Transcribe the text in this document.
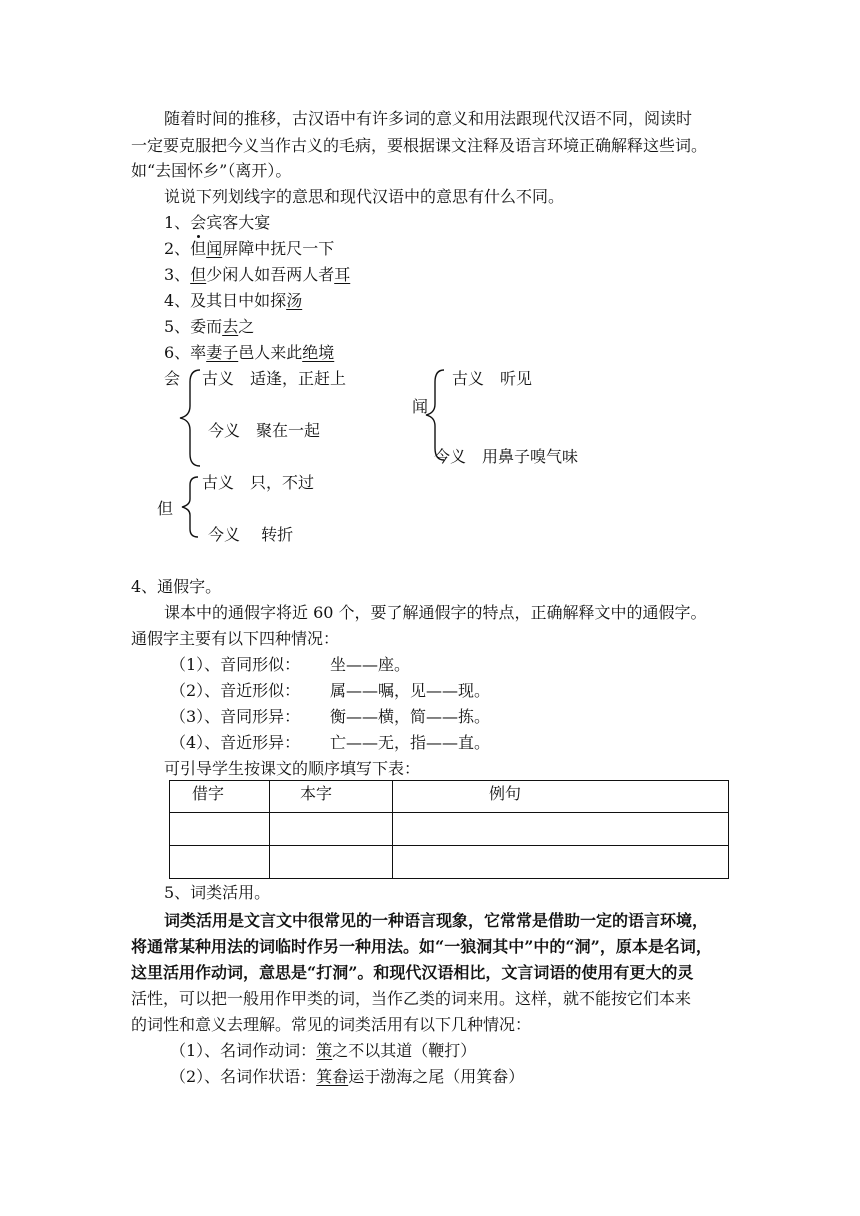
随着时间的推移，古汉语中有许多词的意义和用法跟现代汉语不同，阅读时
一定要克服把今义当作古义的毛病，要根据课文注释及语言环境正确解释这些词。
如“去国怀乡”（离开）。
说说下列划线字的意思和现代汉语中的意思有什么不同。
1、会
宾客大宴
2、但闻屏障中抚尺一下
3、但少闲人如吾两人者耳
4、及其日中如探汤
5、委而去之
6、率妻子邑人来此绝境
会 古义　适逢，正赶上
今义　聚在一起
闻
古义　听见
今义　用鼻子嗅气味
但
古义　只，不过
今义　 转折
4、通假字。
课本中的通假字将近 60 个，要了解通假字的特点，正确解释文中的通假字。
通假字主要有以下四种情况：
（1）、音同形似： 坐——座。
（2）、音近形似： 属——嘱，见——现。
（3）、音同形异： 衡——横，简——拣。
（4）、音近形异： 亡——无，指——直。
可引导学生按课文的顺序填写下表：
借字	本字	例句

5、词类活用。
词类活用是文言文中很常见的一种语言现象，它常常是借助一定的语言环境，
将通常某种用法的词临时作另一种用法。如“一狼洞其中”中的“洞”，原本是名词，
这里活用作动词，意思是“打洞”。和现代汉语相比，文言词语的使用有更大的灵
活性，可以把一般用作甲类的词，当作乙类的词来用。这样，就不能按它们本来
的词性和意义去理解。常见的词类活用有以下几种情况：
（1）、名词作动词：策之不以其道（鞭打）
（2）、名词作状语：箕畚运于渤海之尾（用箕畚）
